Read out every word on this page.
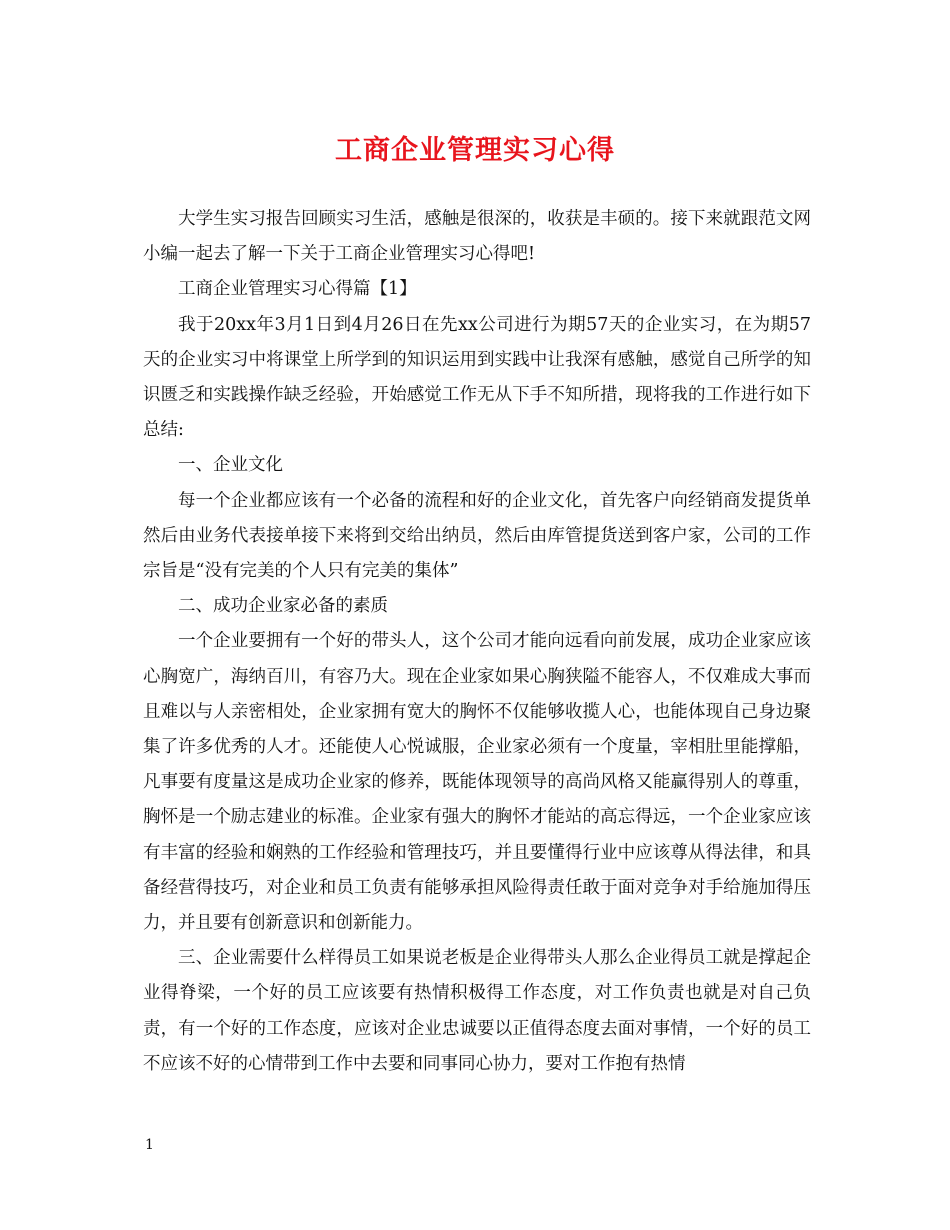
工商企业管理实习心得

大学生实习报告回顾实习生活，感触是很深的，收获是丰硕的。接下来就跟范文网小编一起去了解一下关于工商企业管理实习心得吧!

工商企业管理实习心得篇【1】

我于20xx年3月1日到4月26日在先xx公司进行为期57天的企业实习，在为期57天的企业实习中将课堂上所学到的知识运用到实践中让我深有感触，感觉自己所学的知识匮乏和实践操作缺乏经验，开始感觉工作无从下手不知所措，现将我的工作进行如下总结:

一、企业文化

每一个企业都应该有一个必备的流程和好的企业文化，首先客户向经销商发提货单然后由业务代表接单接下来将到交给出纳员，然后由库管提货送到客户家，公司的工作宗旨是“没有完美的个人只有完美的集体”

二、成功企业家必备的素质

一个企业要拥有一个好的带头人，这个公司才能向远看向前发展，成功企业家应该心胸宽广，海纳百川，有容乃大。现在企业家如果心胸狭隘不能容人，不仅难成大事而且难以与人亲密相处，企业家拥有宽大的胸怀不仅能够收揽人心，也能体现自己身边聚集了许多优秀的人才。还能使人心悦诚服，企业家必须有一个度量，宰相肚里能撑船，凡事要有度量这是成功企业家的修养，既能体现领导的高尚风格又能赢得别人的尊重，胸怀是一个励志建业的标准。企业家有强大的胸怀才能站的高忘得远，一个企业家应该有丰富的经验和娴熟的工作经验和管理技巧，并且要懂得行业中应该尊从得法律，和具备经营得技巧，对企业和员工负责有能够承担风险得责任敢于面对竞争对手给施加得压力，并且要有创新意识和创新能力。

三、企业需要什么样得员工如果说老板是企业得带头人那么企业得员工就是撑起企业得脊梁，一个好的员工应该要有热情积极得工作态度，对工作负责也就是对自己负责，有一个好的工作态度，应该对企业忠诚要以正值得态度去面对事情，一个好的员工不应该不好的心情带到工作中去要和同事同心协力，要对工作抱有热情

1
